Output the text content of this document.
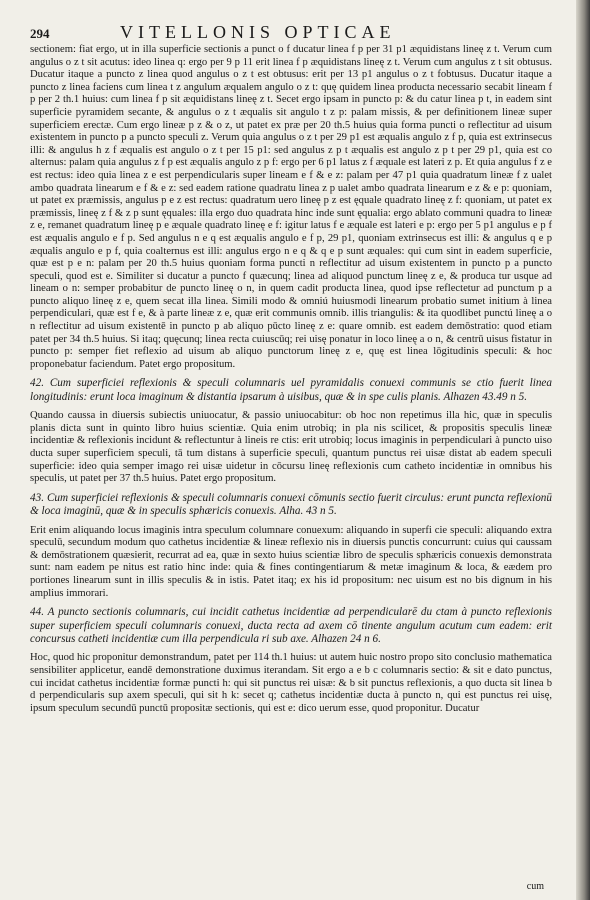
294	VITELLONIS OPTICAE

sectionem: fiat ergo, ut in illa superficie sectionis a punct o f ducatur linea f p per 31 p1 æquidistans lineę z t. Verum cum angulus o z t sit acutus: ideo linea q: ergo per 9 p 11 erit linea f p æquidistans lineę z t. Verum cum angulus z t sit obtusus. Ducatur itaque a puncto z linea quod angulus o z t est obtusus: erit per 13 p1 angulus o z t fobtusus. Ducatur itaque a puncto z linea faciens cum linea t z angulum æqualem angulo o z t: quę quidem linea producta necessario secabit lineam f p per 2 th.1 huius: cum linea f p sit æquidistans lineę z t. Secet ergo ipsam in puncto p: & du catur linea p t, in eadem sint superficie pyramidem secante, & angulus o z t æqualis sit angulo t z p: palam missis, & per definitionem lineæ super superficiem erectæ. Cum ergo lineæ p z & o z, ut patet ex præ per 20 th.5 huius quia forma puncti o reflectitur ad uisum existentem in puncto p a puncto speculi z. Verum quia angulus o z t per 29 p1 est æqualis angulo z f p, quia est extrinsecus illi: & angulus h z f æqualis est angulo o z t per 15 p1: sed angulus z p t æqualis est angulo z p t per 29 p1, quia est co alternus: palam quia angulus z f p est æqualis angulo z p f: ergo per 6 p1 latus z f æquale est lateri z p. Et quia angulus f z e est rectus: ideo quia linea z e est perpendicularis super lineam e f & e z: palam per 47 p1 quia quadratum lineæ f z ualet ambo quadrata linearum e f & e z: sed eadem ratione quadratu linea z p ualet ambo quadrata linearum e z & e p: quoniam, ut patet ex præmissis, angulus p e z est rectus: quadratum uero lineę p z est ęquale quadrato lineę z f: quoniam, ut patet ex præmissis, lineę z f & z p sunt ęquales: illa ergo duo quadrata hinc inde sunt ęqualia: ergo ablato communi quadra to lineæ z e, remanet quadratum lineę p e æquale quadrato lineę e f: igitur latus f e æquale est lateri e p: ergo per 5 p1 angulus e p f est æqualis angulo e f p. Sed angulus n e q est æqualis angulo e f p, 29 p1, quoniam extrinsecus est illi: & angulus q e p æqualis angulo e p f, quia coalternus est illi: angulus ergo n e q & q e p sunt æquales: qui cum sint in eadem superficie, quæ est p e n: palam per 20 th.5 huius quoniam forma puncti n reflectitur ad uisum existentem in puncto p a puncto speculi, quod est e. Similiter si ducatur a puncto f quæcunq; linea ad aliquod punctum lineę z e, & produca tur usque ad lineam o n: semper probabitur de puncto lineę o n, in quem cadit producta linea, quod ipse reflectetur ad punctum p a puncto aliquo lineę z e, quem secat illa linea. Simili modo & omniú huiusmodi linearum probatio sumet initium à linea perpendiculari, quæ est f e, & à parte lineæ z e, quæ erit communis omnib. illis triangulis: & ita quodlibet punctú lineę a o n reflectitur ad uisum existentē in puncto p ab aliquo pūcto lineę z e: quare omnib. est eadem demōstratio: quod etiam patet per 34 th.5 huius. Si itaq; quęcunq; linea recta cuiuscūq; rei uisę ponatur in loco lineę a o n, & centrū uisus fistatur in puncto p: semper fiet reflexio ad uisum ab aliquo punctorum lineę z e, quę est linea lōgitudinis speculi: & hoc proponebatur faciendum. Patet ergo propositum.

42. Cum superficiei reflexionis & speculi columnaris uel pyramidalis conuexi communis se ctio fuerit linea longitudinis: erunt loca imaginum & distantia ipsarum à uisibus, quæ & in spe culis planis. Alhazen 43.49 n 5.

Quando caussa in diuersis subiectis uniuocatur, & passio uniuocabitur: ob hoc non repetimus illa hic, quæ in speculis planis dicta sunt in quinto libro huius scientiæ. Quia enim utrobiq; in pla nis scilicet, & propositis speculis lineæ incidentiæ & reflexionis incidunt & reflectuntur à lineis re ctis: erit utrobiq; locus imaginis in perpendiculari à puncto uiso ducta super superficiem speculi, tā tum distans à superficie speculi, quantum punctus rei uisæ distat ab eadem speculi superficie: ideo quia semper imago rei uisæ uidetur in cōcursu lineę reflexionis cum catheto incidentiæ in omnibus his speculis, ut patet per 37 th.5 huius. Patet ergo propositum.

43. Cum superficiei reflexionis & speculi columnaris conuexi cōmunis sectio fuerit circulus: erunt puncta reflexionū & loca imaginū, quæ & in speculis sphæricis conuexis. Alha. 43 n 5.

Erit enim aliquando locus imaginis intra speculum columnare conuexum: aliquando in superfi cie speculi: aliquando extra speculū, secundum modum quo cathetus incidentiæ & lineæ reflexio nis in diuersis punctis concurrunt: cuius qui caussam & demōstrationem quæsierit, recurrat ad ea, quæ in sexto huius scientiæ libro de speculis sphæricis conuexis demonstrata sunt: nam eadem pe nitus est ratio hinc inde: quia & fines contingentiarum & metæ imaginum & loca, & eædem pro portiones linearum sunt in illis speculis & in istis. Patet itaq; ex his id propositum: nec uisum est no bis dignum in his amplius immorari.

44. A puncto sectionis columnaris, cui incidit cathetus incidentiæ ad perpendicularē du ctam à puncto reflexionis super superficiem speculi columnaris conuexi, ducta recta ad axem cō tinente angulum acutum cum eadem: erit concursus catheti incidentiæ cum illa perpendicula ri sub axe. Alhazen 24 n 6.

Hoc, quod hic proponitur demonstrandum, patet per 114 th.1 huius: ut autem huic nostro propo sito conclusio mathematica sensibiliter applicetur, eandē demonstratione duximus iterandam. Sit ergo a e b c columnaris sectio: & sit e dato punctus, cui incidat cathetus incidentiæ formæ puncti h: qui sit punctus rei uisæ: & b sit punctus reflexionis, a quo ducta sit linea b d perpendicularis sup axem speculi, qui sit h k: secet q; cathetus incidentiæ ducta à puncto n, qui est punctus rei uisę, ipsum speculum secundū punctū propositæ sectionis, qui est e: dico uerum esse, quod proponitur. Ducatur

cum
